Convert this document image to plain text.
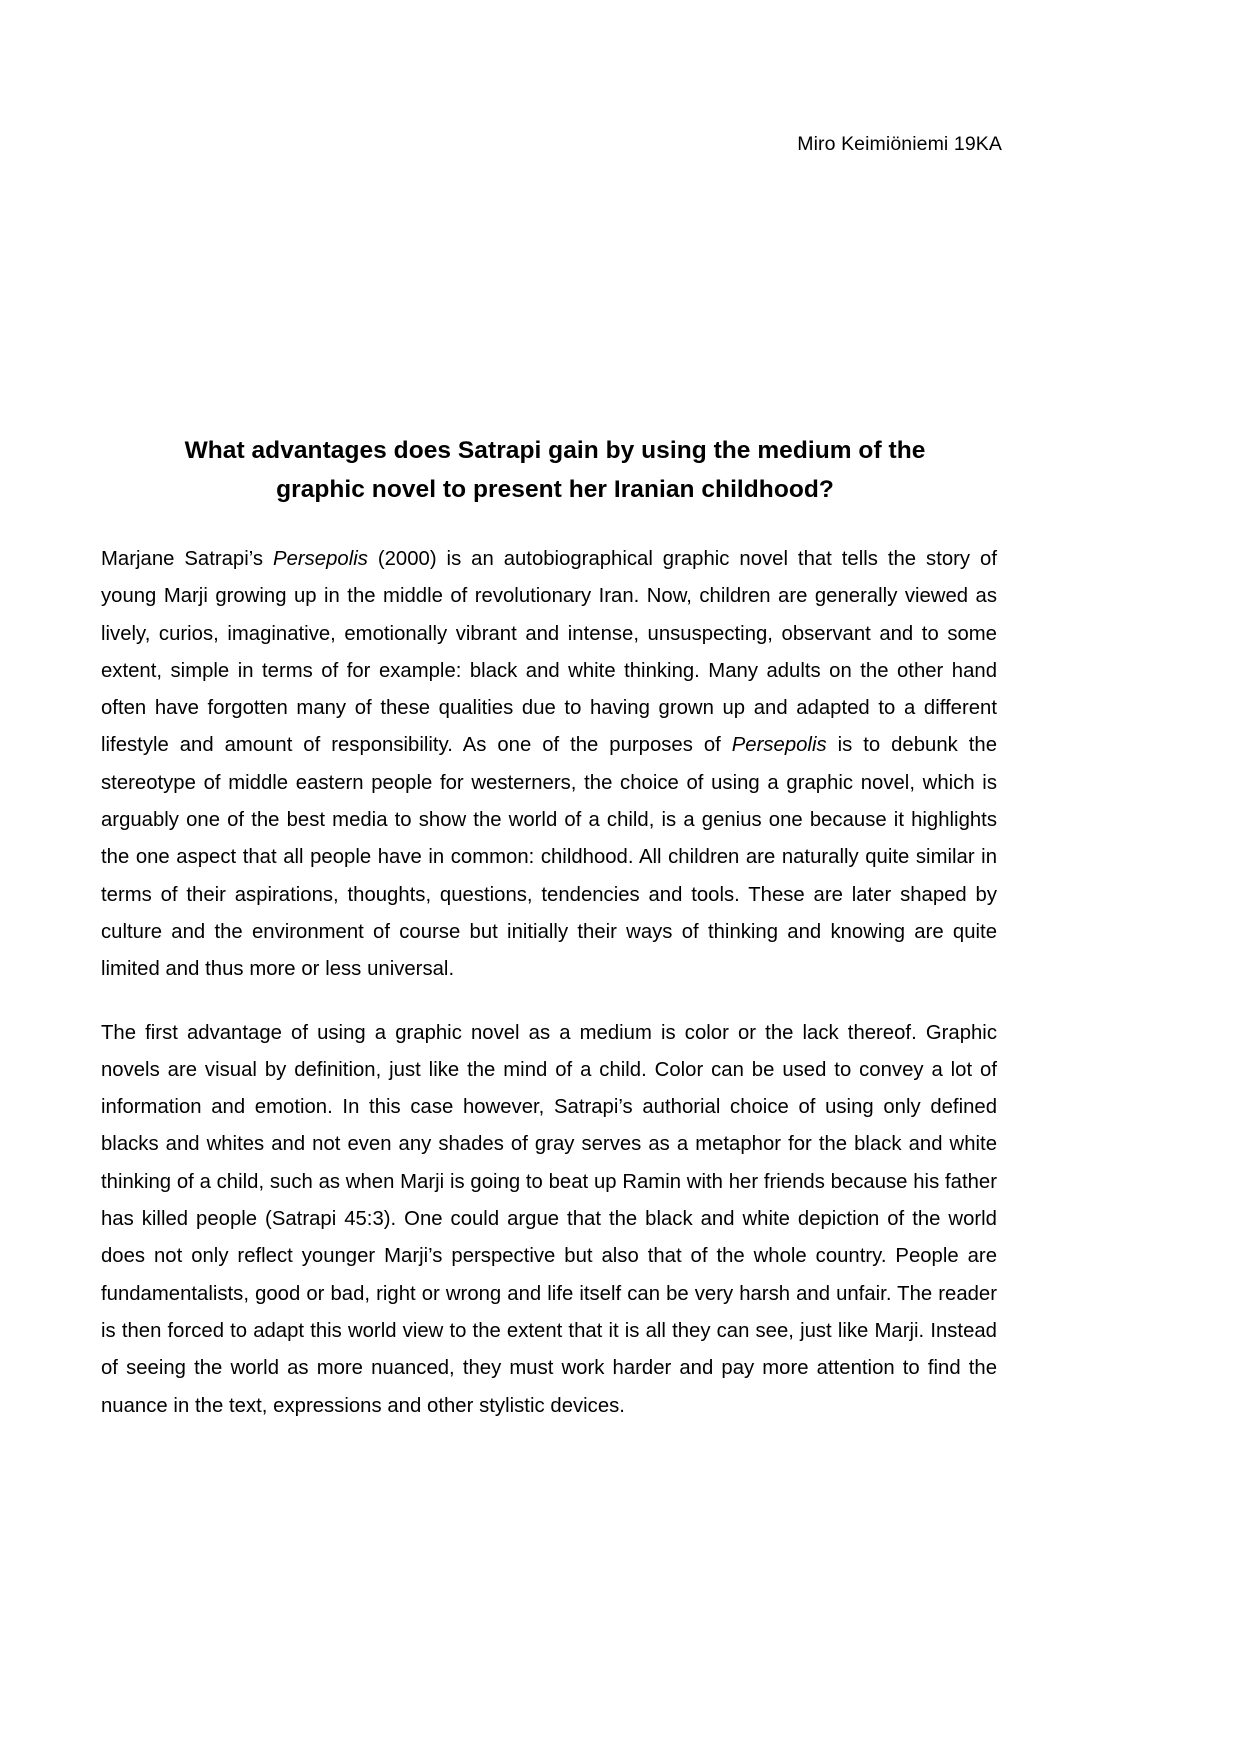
Miro Keimiöniemi 19KA
What advantages does Satrapi gain by using the medium of the graphic novel to present her Iranian childhood?

Marjane Satrapi’s Persepolis (2000) is an autobiographical graphic novel that tells the story of young Marji growing up in the middle of revolutionary Iran. Now, children are generally viewed as lively, curios, imaginative, emotionally vibrant and intense, unsuspecting, observant and to some extent, simple in terms of for example: black and white thinking. Many adults on the other hand often have forgotten many of these qualities due to having grown up and adapted to a different lifestyle and amount of responsibility. As one of the purposes of Persepolis is to debunk the stereotype of middle eastern people for westerners, the choice of using a graphic novel, which is arguably one of the best media to show the world of a child, is a genius one because it highlights the one aspect that all people have in common: childhood. All children are naturally quite similar in terms of their aspirations, thoughts, questions, tendencies and tools. These are later shaped by culture and the environment of course but initially their ways of thinking and knowing are quite limited and thus more or less universal.

The first advantage of using a graphic novel as a medium is color or the lack thereof. Graphic novels are visual by definition, just like the mind of a child. Color can be used to convey a lot of information and emotion. In this case however, Satrapi’s authorial choice of using only defined blacks and whites and not even any shades of gray serves as a metaphor for the black and white thinking of a child, such as when Marji is going to beat up Ramin with her friends because his father has killed people (Satrapi 45:3). One could argue that the black and white depiction of the world does not only reflect younger Marji’s perspective but also that of the whole country. People are fundamentalists, good or bad, right or wrong and life itself can be very harsh and unfair. The reader is then forced to adapt this world view to the extent that it is all they can see, just like Marji. Instead of seeing the world as more nuanced, they must work harder and pay more attention to find the nuance in the text, expressions and other stylistic devices.
